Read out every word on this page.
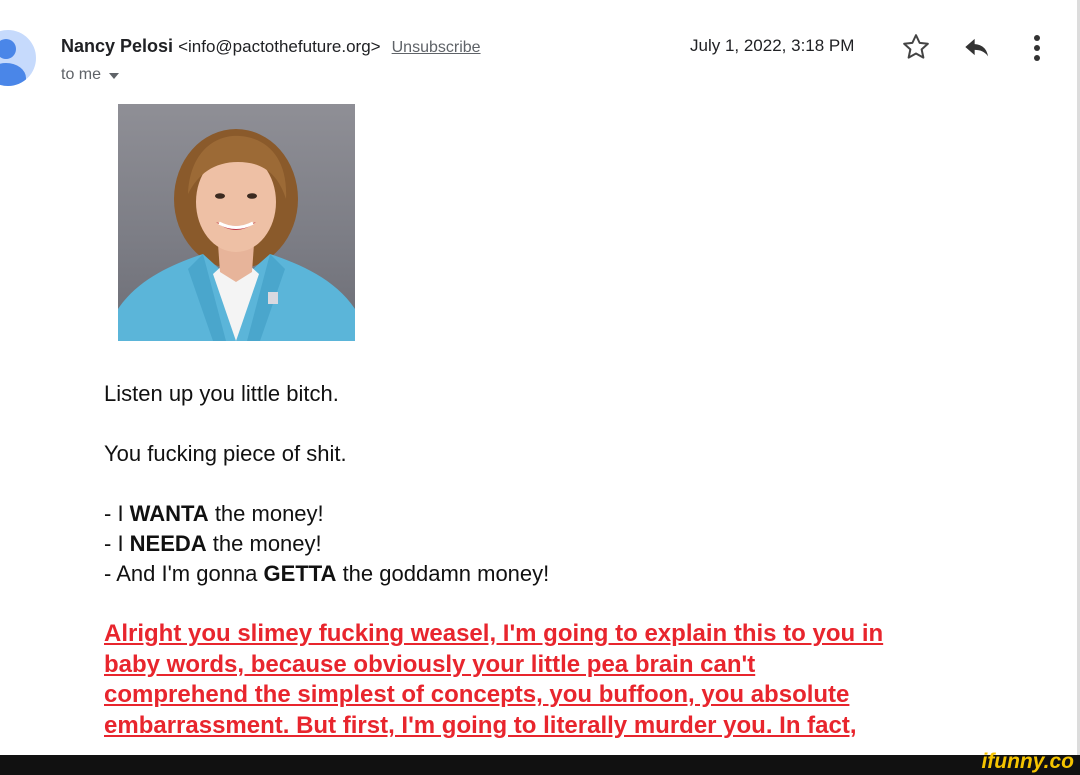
Nancy Pelosi <info@pactothefuture.org> Unsubscribe
to me
July 1, 2022, 3:18 PM
Listen up you little bitch.
You fucking piece of shit.
- I WANTA the money!
- I NEEDA the money!
- And I'm gonna GETTA the goddamn money!
Alright you slimey fucking weasel, I'm going to explain this to you in
baby words, because obviously your little pea brain can't
comprehend the simplest of concepts, you buffoon, you absolute
embarrassment. But first, I'm going to literally murder you. In fact,
ifunny.co
